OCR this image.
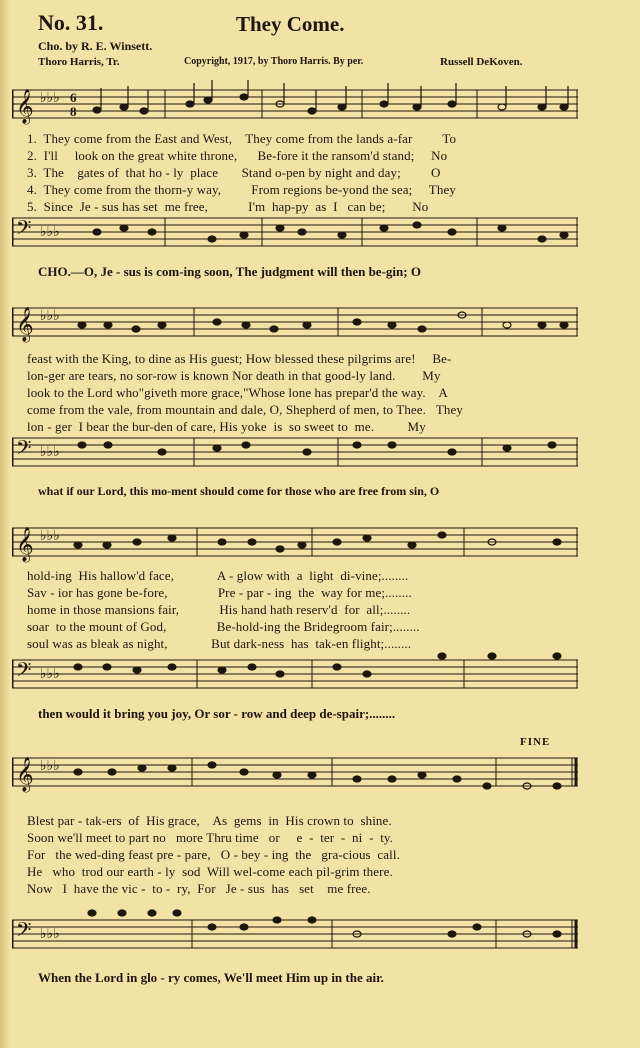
No. 31.	They Come.
Cho. by R. E. Winsett.
Thoro Harris, Tr.	Copyright, 1917, by Thoro Harris. By per.	Russell DeKoven.
𝄞 ♭♭♭ 6
8
1.  They come from the East and West,    They come from the lands a-far         To
2.  I'll     look on the great white throne,      Be-fore it the ransom'd stand;     No
3.  The    gates of  that ho - ly  place       Stand o-pen by night and day;         O
4.  They come from the thorn-y way,         From regions be-yond the sea;     They
5.  Since  Je - sus has set  me free,            I'm  hap-py  as  I   can be;        No
𝄢 ♭♭♭
CHO.—O, Je - sus is com-ing soon, The judgment will then be-gin; O
𝄞 ♭♭♭
feast with the King, to dine as His guest; How blessed these pilgrims are!     Be-
lon-ger are tears, no sor-row is known Nor death in that good-ly land.        My
look to the Lord who"giveth more grace,"Whose lone has prepar'd the way.    A
come from the vale, from mountain and dale, O, Shepherd of men, to Thee.   They
lon - ger  I bear the bur-den of care, His yoke  is  so sweet to  me.          My
𝄢 ♭♭♭
what if our Lord, this mo-ment should come for those who are free from sin, O
𝄞 ♭♭♭
hold-ing  His hallow'd face,             A - glow with  a  light  di-vine;........
Sav - ior has gone be-fore,               Pre - par - ing  the  way for me;........
home in those mansions fair,            His hand hath reserv'd  for  all;........
soar  to the mount of God,               Be-hold-ing the Bridegroom fair;........
soul was as bleak as night,             But dark-ness  has  tak-en flight;........
𝄢 ♭♭♭
then would it bring you joy, Or sor - row and deep de-spair;........
FINE
𝄞 ♭♭♭
Blest par - tak-ers  of  His grace,    As  gems  in  His crown to  shine.
Soon we'll meet to part no   more Thru time   or     e  -  ter  -  ni  -  ty.
For   the wed-ding feast pre - pare,   O - bey - ing  the   gra-cious  call.
He   who  trod our earth - ly  sod  Will wel-come each pil-grim there.
Now   I  have the vic -  to -  ry,  For   Je - sus  has   set    me free.
𝄢 ♭♭♭
When the Lord in glo - ry comes, We'll meet Him up in the air.
